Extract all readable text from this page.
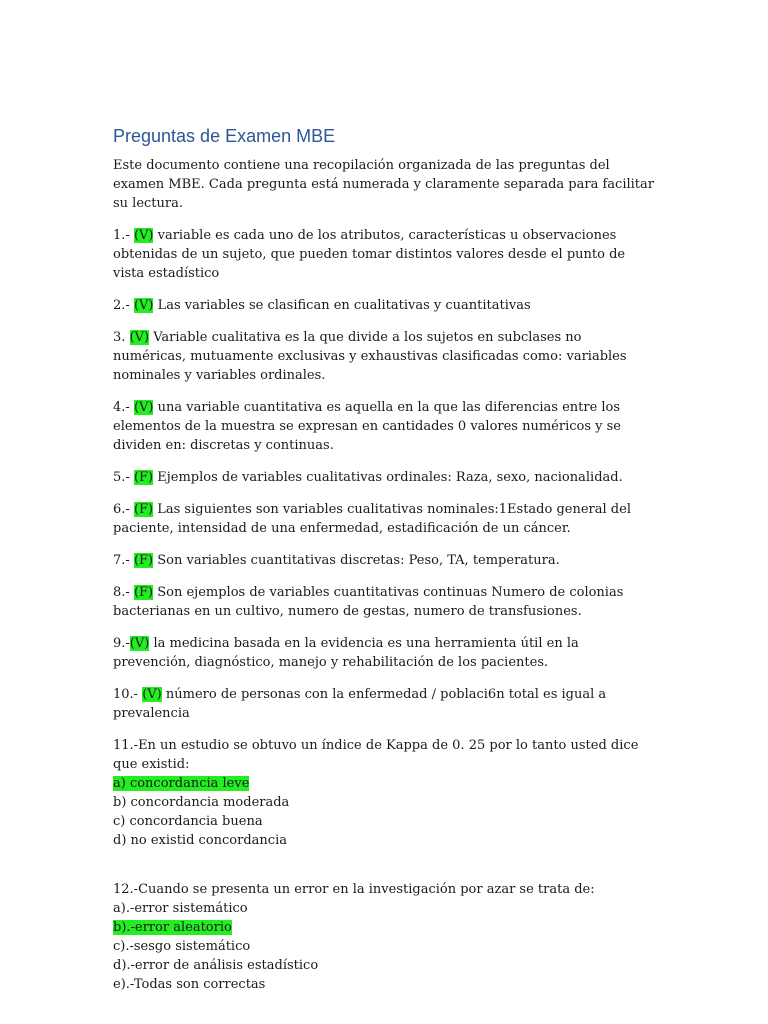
Preguntas de Examen MBE

Este documento contiene una recopilación organizada de las preguntas del examen MBE. Cada pregunta está numerada y claramente separada para facilitar su lectura.

1.- (V) variable es cada uno de los atributos, características u observaciones obtenidas de un sujeto, que pueden tomar distintos valores desde el punto de vista estadístico

2.- (V) Las variables se clasifican en cualitativas y cuantitativas

3. (V) Variable cualitativa es la que divide a los sujetos en subclases no numéricas, mutuamente exclusivas y exhaustivas clasificadas como: variables nominales y variables ordinales.

4.- (V) una variable cuantitativa es aquella en la que las diferencias entre los elementos de la muestra se expresan en cantidades 0 valores numéricos y se dividen en: discretas y continuas.

5.- (F) Ejemplos de variables cualitativas ordinales: Raza, sexo, nacionalidad.

6.- (F) Las siguientes son variables cualitativas nominales:1Estado general del paciente, intensidad de una enfermedad, estadificación de un cáncer.

7.- (F) Son variables cuantitativas discretas: Peso, TA, temperatura.

8.- (F) Son ejemplos de variables cuantitativas continuas Numero de colonias bacterianas en un cultivo, numero de gestas, numero de transfusiones.

9.-(V) la medicina basada en la evidencia es una herramienta útil en la prevención, diagnóstico, manejo y rehabilitación de los pacientes.

10.- (V) número de personas con la enfermedad / poblaci6n total es igual a prevalencia

11.-En un estudio se obtuvo un índice de Kappa de 0. 25 por lo tanto usted dice que existid:
a) concordancia leve
b) concordancia moderada
c) concordancia buena
d) no existid concordancia

12.-Cuando se presenta un error en la investigación por azar se trata de:
a).-error sistemático
b).-error aleatorio
c).-sesgo sistemático
d).-error de análisis estadístico
e).-Todas son correctas
